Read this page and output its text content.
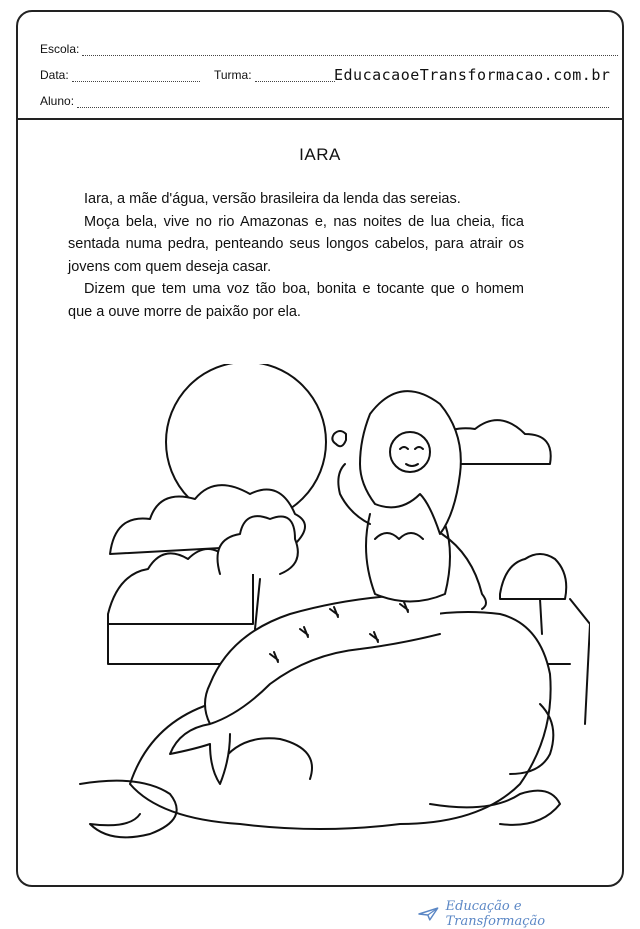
Escola:
Data:	Turma:	EducacaoeTransformacao.com.br
Aluno:
IARA

Iara, a mãe d'água, versão brasileira da lenda das sereias.

Moça bela, vive no rio Amazonas e, nas noites de lua cheia, fica sentada numa pedra, penteando seus longos cabelos, para atrair os jovens com quem deseja casar.

Dizem que tem uma voz tão boa, bonita e tocante que o homem que a ouve morre de paixão por ela.

Educação e Transformação
